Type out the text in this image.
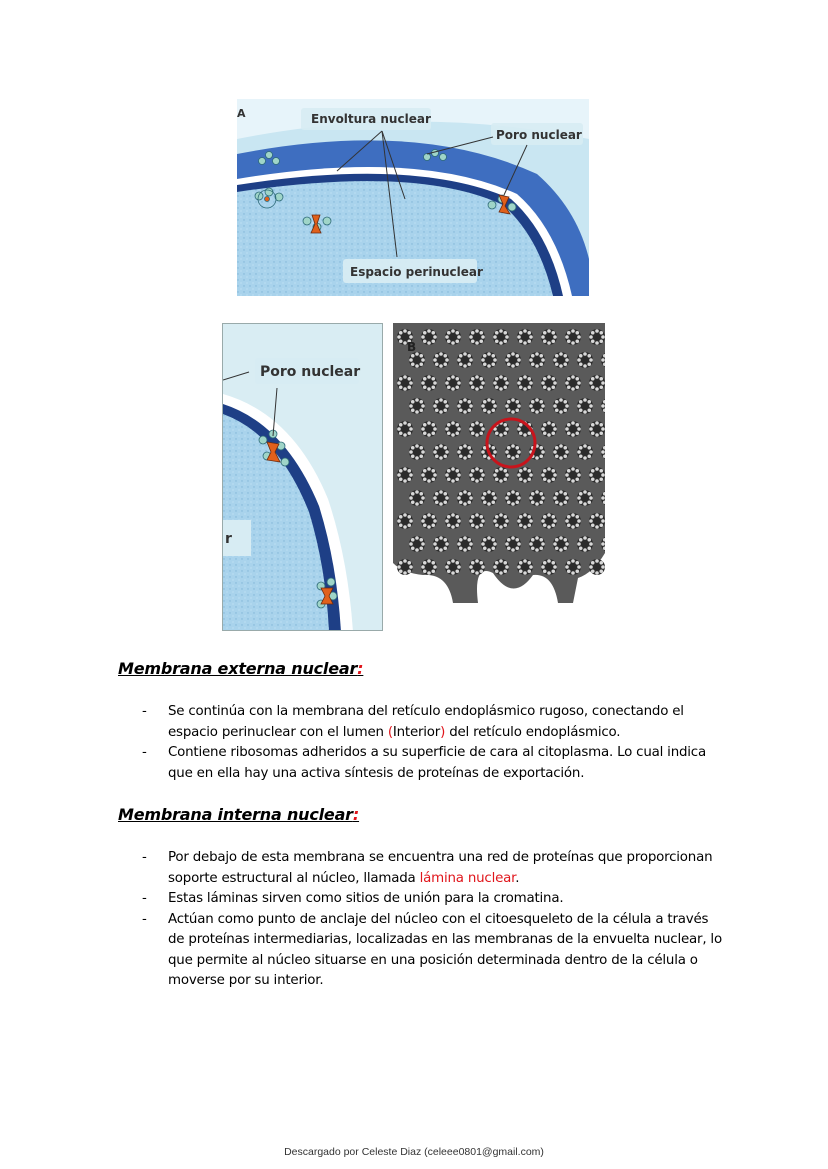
Envoltura nuclear
Poro nuclear
Espacio perinuclear
A
Poro nuclear
r
B
Membrana externa nuclear:
- Se continúa con la membrana del retículo endoplásmico rugoso, conectando el espacio perinuclear con el lumen (Interior) del retículo endoplásmico.
- Contiene ribosomas adheridos a su superficie de cara al citoplasma. Lo cual indica que en ella hay una activa síntesis de proteínas de exportación.
Membrana interna nuclear:
- Por debajo de esta membrana se encuentra una red de proteínas que proporcionan soporte estructural al núcleo, llamada lámina nuclear.
- Estas láminas sirven como sitios de unión para la cromatina.
- Actúan como punto de anclaje del núcleo con el citoesqueleto de la célula a través de proteínas intermediarias, localizadas en las membranas de la envuelta nuclear, lo que permite al núcleo situarse en una posición determinada dentro de la célula o moverse por su interior.
Descargado por Celeste Diaz (celeee0801@gmail.com)
